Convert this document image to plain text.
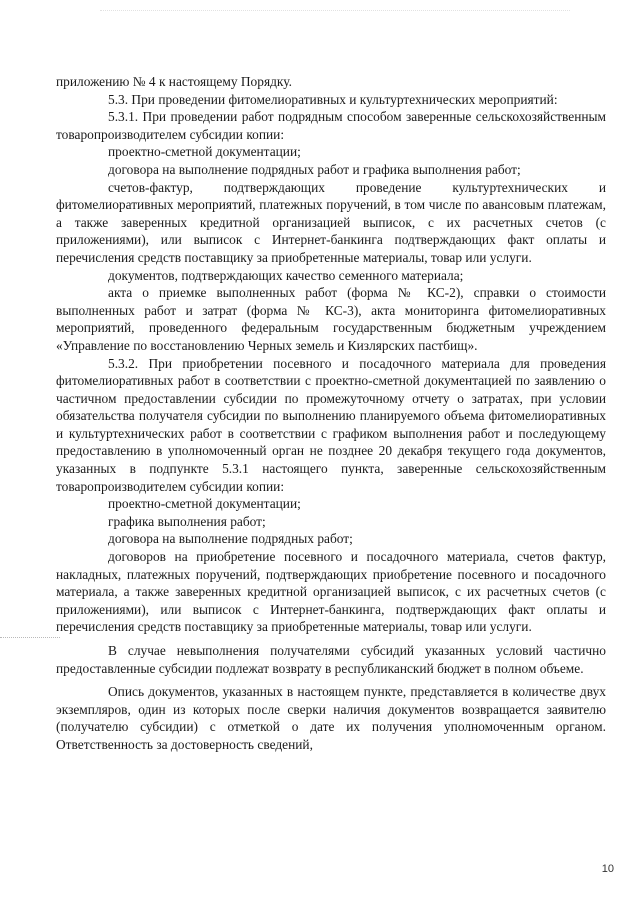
приложению № 4 к настоящему Порядку.

5.3. При проведении фитомелиоративных и культуртехнических мероприятий:

5.3.1. При проведении работ подрядным способом заверенные сельскохозяйственным товаропроизводителем субсидии копии:

проектно-сметной документации;

договора на выполнение подрядных работ и графика выполнения работ;

счетов-фактур, подтверждающих проведение культуртехнических и фитомелиоративных мероприятий, платежных поручений, в том числе по авансовым платежам, а также заверенных кредитной организацией выписок, с их расчетных счетов (с приложениями), или выписок с Интернет-банкинга подтверждающих факт оплаты и перечисления средств поставщику за приобретенные материалы, товар или услуги.

документов, подтверждающих качество семенного материала;

акта о приемке выполненных работ (форма № КС-2), справки о стоимости выполненных работ и затрат (форма № КС-3), акта мониторинга фитомелиоративных мероприятий, проведенного федеральным государственным бюджетным учреждением «Управление по восстановлению Черных земель и Кизлярских пастбищ».

5.3.2. При приобретении посевного и посадочного материала для проведения фитомелиоративных работ в соответствии с проектно-сметной документацией по заявлению о частичном предоставлении субсидии по промежуточному отчету о затратах, при условии обязательства получателя субсидии по выполнению планируемого объема фитомелиоративных и культуртехнических работ в соответствии с графиком выполнения работ и последующему предоставлению в уполномоченный орган не позднее 20 декабря текущего года документов, указанных в подпункте 5.3.1 настоящего пункта, заверенные сельскохозяйственным товаропроизводителем субсидии копии:

проектно-сметной документации;

графика выполнения работ;

договора на выполнение подрядных работ;

договоров на приобретение посевного и посадочного материала, счетов фактур, накладных, платежных поручений, подтверждающих приобретение посевного и посадочного материала, а также заверенных кредитной организацией выписок, с их расчетных счетов (с приложениями), или выписок с Интернет-банкинга, подтверждающих факт оплаты и перечисления средств поставщику за приобретенные материалы, товар или услуги.

В случае невыполнения получателями субсидий указанных условий частично предоставленные субсидии подлежат возврату в республиканский бюджет в полном объеме.

Опись документов, указанных в настоящем пункте, представляется в количестве двух экземпляров, один из которых после сверки наличия документов возвращается заявителю (получателю субсидии) с отметкой о дате их получения уполномоченным органом. Ответственность за достоверность сведений,

10
